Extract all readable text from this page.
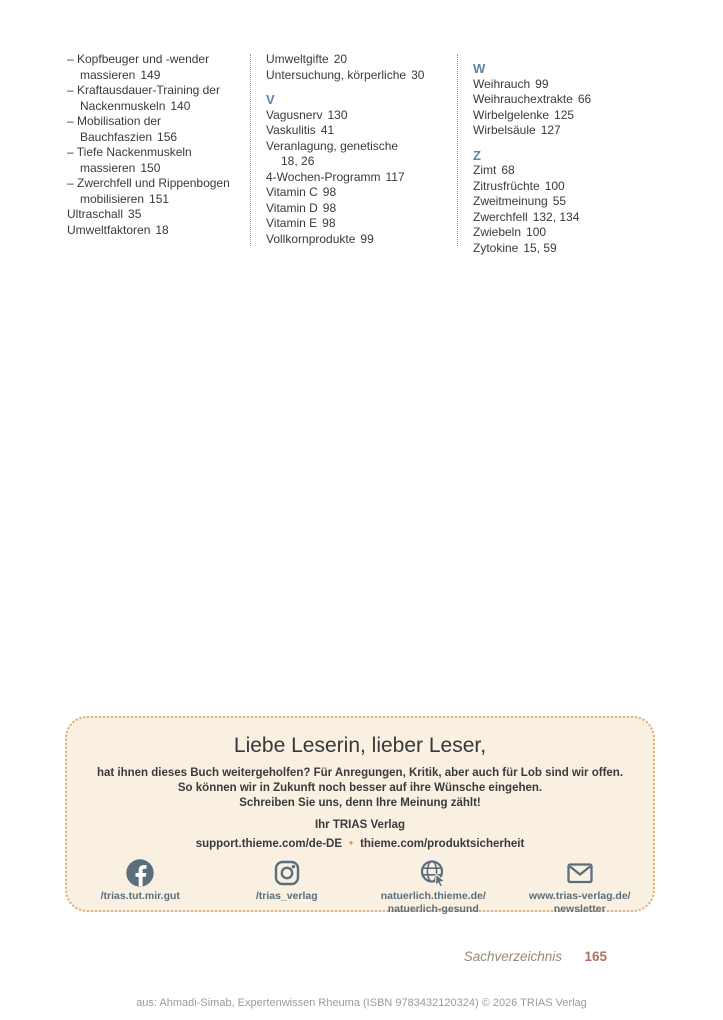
– Kopfbeuger und -wender massieren 149
– Kraftausdauer-Training der Nackenmuskeln 140
– Mobilisation der Bauchfaszien 156
– Tiefe Nackenmuskeln massieren 150
– Zwerchfell und Rippenbogen mobilisieren 151
Ultraschall 35
Umweltfaktoren 18
Umweltgifte 20
Untersuchung, körperliche 30
V
Vagusnerv 130
Vaskulitis 41
Veranlagung, genetische
18, 26
4-Wochen-Programm 117
Vitamin C 98
Vitamin D 98
Vitamin E 98
Vollkornprodukte 99
W
Weihrauch 99
Weihrauchextrakte 66
Wirbelgelenke 125
Wirbelsäule 127
Z
Zimt 68
Zitrusfrüchte 100
Zweitmeinung 55
Zwerchfell 132, 134
Zwiebeln 100
Zytokine 15, 59
Liebe Leserin, lieber Leser,
hat ihnen dieses Buch weitergeholfen? Für Anregungen, Kritik, aber auch für Lob sind wir offen.
So können wir in Zukunft noch besser auf ihre Wünsche eingehen.
Schreiben Sie uns, denn Ihre Meinung zählt!
Ihr TRIAS Verlag
support.thieme.com/de-DE • thieme.com/produktsicherheit
/trias.tut.mir.gut	/trias_verlag	natuerlich.thieme.de/
natuerlich-gesund
www.trias-verlag.de/
newsletter
Sachverzeichnis 165
aus: Ahmadi-Simab, Expertenwissen Rheuma (ISBN 9783432120324) © 2026 TRIAS Verlag
